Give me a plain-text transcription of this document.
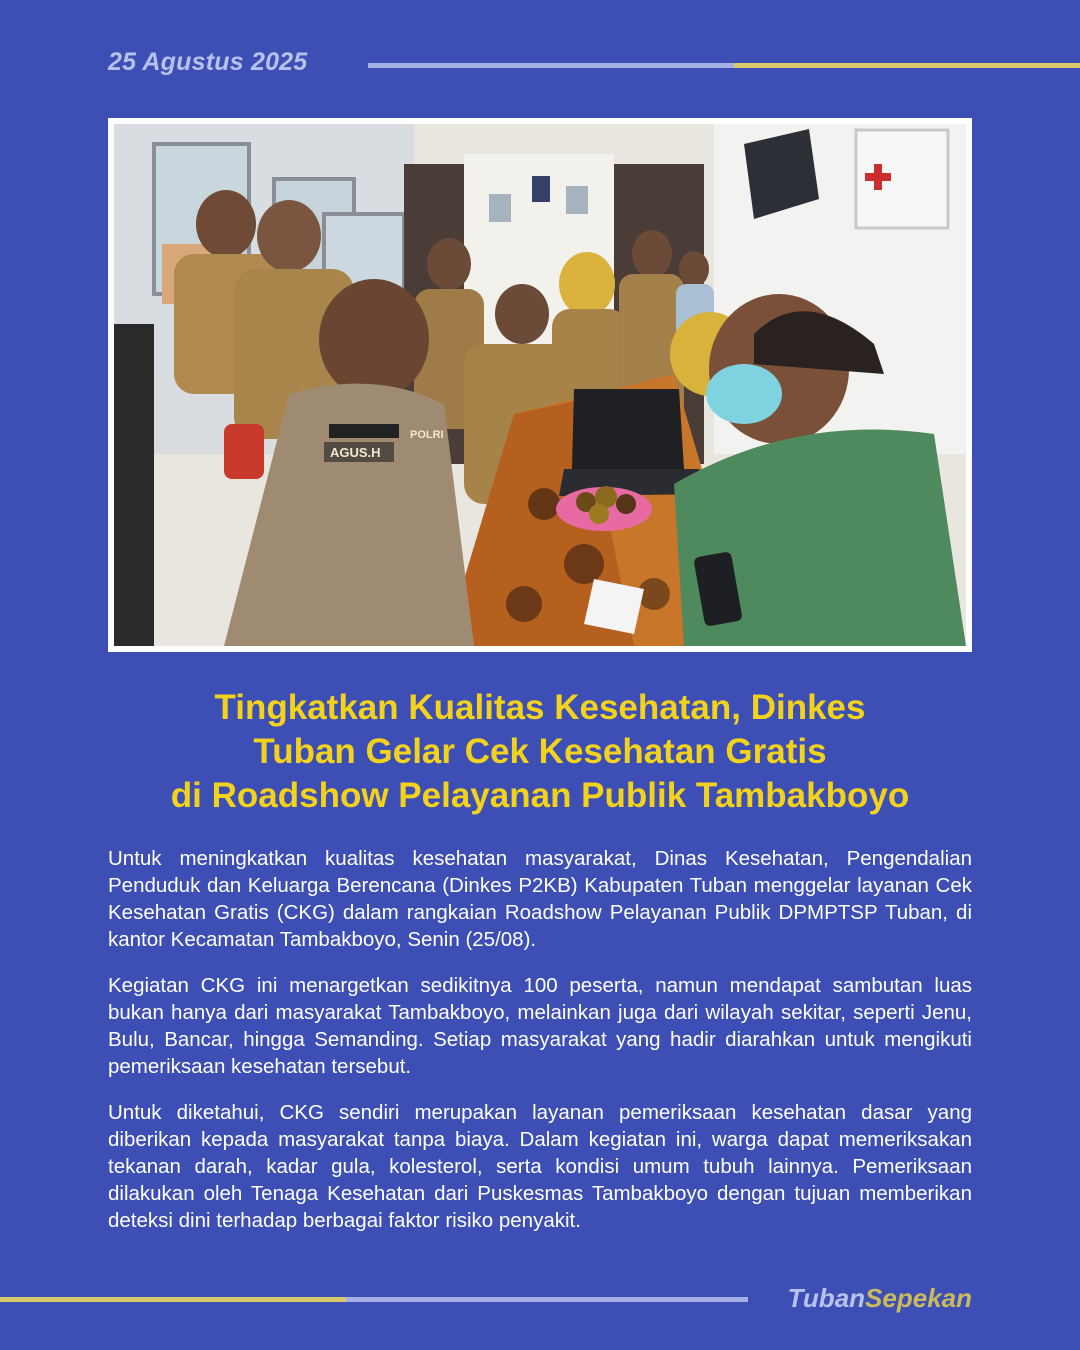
25 Agustus 2025
AGUS.H
POLRI
Tingkatkan Kualitas Kesehatan, Dinkes
Tuban Gelar Cek Kesehatan Gratis
di Roadshow Pelayanan Publik Tambakboyo

Untuk meningkatkan kualitas kesehatan masyarakat, Dinas Kesehatan, Pengendalian Penduduk dan Keluarga Berencana (Dinkes P2KB) Kabupaten Tuban menggelar layanan Cek Kesehatan Gratis (CKG) dalam rangkaian Roadshow Pelayanan Publik DPMPTSP Tuban, di kantor Kecamatan Tambakboyo, Senin (25/08).

Kegiatan CKG ini menargetkan sedikitnya 100 peserta, namun mendapat sambutan luas bukan hanya dari masyarakat Tambakboyo, melainkan juga dari wilayah sekitar, seperti Jenu, Bulu, Bancar, hingga Semanding. Setiap masyarakat yang hadir diarahkan untuk mengikuti pemeriksaan kesehatan tersebut.

Untuk diketahui, CKG sendiri merupakan layanan pemeriksaan kesehatan dasar yang diberikan kepada masyarakat tanpa biaya. Dalam kegiatan ini, warga dapat memeriksakan tekanan darah, kadar gula, kolesterol, serta kondisi umum tubuh lainnya. Pemeriksaan dilakukan oleh Tenaga Kesehatan dari Puskesmas Tambakboyo dengan tujuan memberikan deteksi dini terhadap berbagai faktor risiko penyakit.

TubanSepekan
